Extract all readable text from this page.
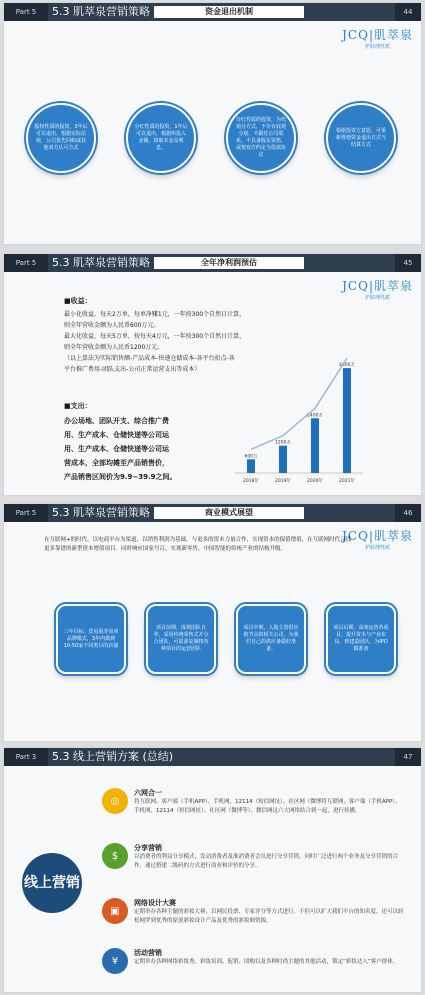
Part 5	5.3 肌萃泉营销策略	资金退出机制	44
JCQ|肌萃泉
护肤理性派
股权性质的投资，3年后可以退出，根据实际估值，公司优先回购或其他双方认可方式
分红性质的投资，1年后可以退出，根据所投入金额，按取本金及利息。
分红性质的投资，为代销分方式，不专有底现分别，不跟任公司联系，不具备股东资格，或按双方约定为借款协议
根据投资方意愿，可重新规划资金退出方式与结算方式
Part 5	5.3 肌萃泉营销策略	全年净利润预估	45
JCQ|肌萃泉
护肤理性派
■收益：
最小化收益，每天2万单，每单净赚1元，一年按300个自然日计算，
则全年营收金额为人民币600万元。
最大化收益，每天5万单，按每天4万元，一年按300个自然日计算，
则全年营收金额为人民币1200万元。
（以上算法为实际销售额-产品成本-快递仓储成本-各平台扣点-各
平台推广费用-团队支出-公司正常运营支出等成本）
■支出：
办公场地、团队开支、综合推广费
用、生产成本、仓储快递等公司运
用、生产成本、仓储快递等公司运
营成本，全部均摊至产品销售价，
产品销售区间价为9.9~39.9之间。
600万
2018年
1200万
2019年
2400万
2020年
4600万
2021年
Part 5	5.3 肌萃泉营销策略	商业模式展望	46
JCQ|肌萃泉
护肤理性派
在互联网+的时代，以电商平台为渠道，以销售利润为基础，与更多的资本力量合作，实现资本的保值增值，在互联网时代寻找更多靠谱的新型资本增值项目。同时响应国家号召，实现新零售，中国智能的传统产业的结构升级。
三年目标：贸易肌萃泉单品牌模式，3年内做到10-50家不同类目的店铺
项目前期，成熟团队自养，采用传统零售式并分合团队，可遥源复制将各种项目的运营团队
项目中期，入股主资供应链节点的相关公司，为我们自己的供应备做好准备。
项目后期，高效运营各项目，提升资本与产业布局，到建造团队，为IPO做准备
Part 3	5.3 线上营销方案 (总结)	47
线上营销
◎
六网合一
将互联网、客户端（手机APP）、手机网、12114（短信网址）、社区网（微博将互联网、客户端（手机APP）、手机网、12114（短信网址）、社区网（微博等）、微信网这六大网络结合到一起，进行传播。
$
分享营销
以消费者的利益分享模式，发动消费者及准消费者会员进行分享营销。同时广泛进行两个业务及分享营销的合作，通过搭建二级码的方式进行商业和评价的分享。
▣
网络设计大赛
定期举办各种主题的彩妆大赛，以网民投票、专家评分等方式进行。不但可以扩大我们平台的知名度，还可以轻松网罗到优秀的原创彩妆设计产品及优秀的彩妆师资源。
¥
活动营销
定期举办各种网络彩妆秀、彩妆培训、促销、团购以及各种时尚主题的其他活动，锁定“彩妆达人”客户群体。
